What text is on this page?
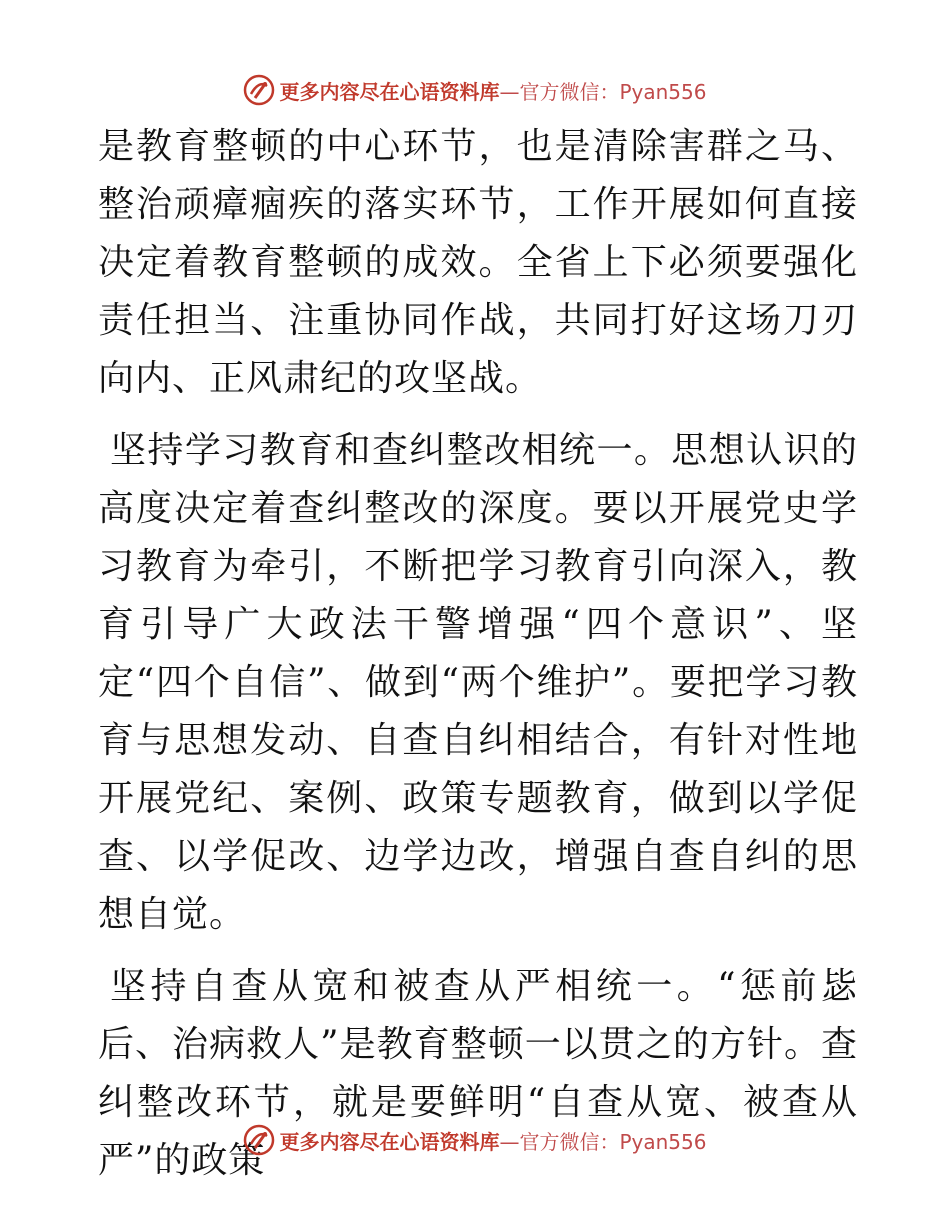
更多内容尽在心语资料库—官方微信：Pyan556

是教育整顿的中心环节，也是清除害群之马、整治顽瘴痼疾的落实环节，工作开展如何直接决定着教育整顿的成效。全省上下必须要强化责任担当、注重协同作战，共同打好这场刀刃向内、正风肃纪的攻坚战。

坚持学习教育和查纠整改相统一。思想认识的高度决定着查纠整改的深度。要以开展党史学习教育为牵引，不断把学习教育引向深入，教育引导广大政法干警增强“四个意识”、坚定“四个自信”、做到“两个维护”。要把学习教育与思想发动、自查自纠相结合，有针对性地开展党纪、案例、政策专题教育，做到以学促查、以学促改、边学边改，增强自查自纠的思想自觉。

坚持自查从宽和被查从严相统一。“惩前毖后、治病救人”是教育整顿一以贯之的方针。查纠整改环节，就是要鲜明“自查从宽、被查从严”的政策 更多内容尽在心语资料库—官方微信：Pyan556
